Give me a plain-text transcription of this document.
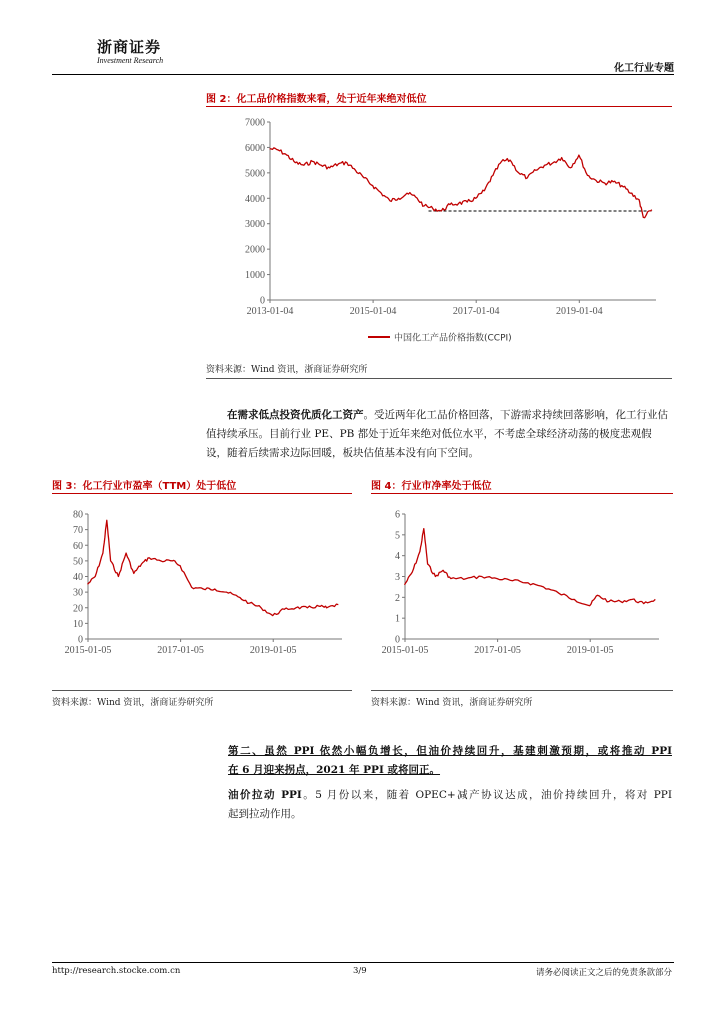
浙商证券
Investment Research
化工行业专题
图 2：化工品价格指数来看，处于近年来绝对低位
0
1000
2000
3000
4000
5000
6000
7000
2013-01-04	2015-01-04	2017-01-04	2019-01-04
中国化工产品价格指数(CCPI)
资料来源：Wind 资讯，浙商证券研究所
在需求低点投资优质化工资产。受近两年化工品价格回落，下游需求持续回落影响，化工行业估值持续承压。目前行业 PE、PB 都处于近年来绝对低位水平，不考虑全球经济动荡的极度悲观假设，随着后续需求边际回暖，板块估值基本没有向下空间。
图 3：化工行业市盈率（TTM）处于低位
0
10
20
30
40
50
60
70
80
2015-01-05	2017-01-05	2019-01-05
资料来源：Wind 资讯，浙商证券研究所
图 4：行业市净率处于低位
0
1
2
3
4
5
6
2015-01-05	2017-01-05	2019-01-05
资料来源：Wind 资讯，浙商证券研究所
第二、虽然 PPI 依然小幅负增长，但油价持续回升，基建刺激预期，或将推动 PPI
在 6 月迎来拐点，2021 年 PPI 或将回正。
油价拉动 PPI。5 月份以来，随着 OPEC+减产协议达成，油价持续回升，将对 PPI
起到拉动作用。
http://research.stocke.com.cn	3/9	请务必阅读正文之后的免责条款部分
